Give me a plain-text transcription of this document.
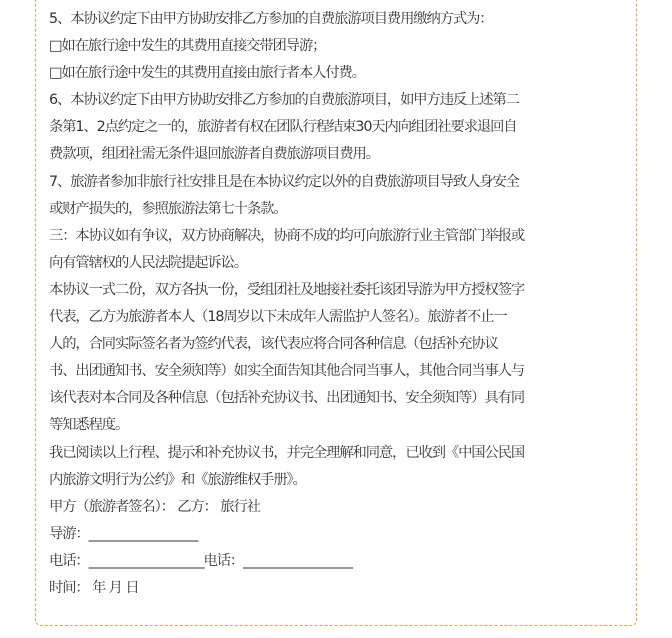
5、本协议约定下由甲方协助安排乙方参加的自费旅游项目费用缴纳方式为：
□如在旅行途中发生的其费用直接交带团导游；
□如在旅行途中发生的其费用直接由旅行者本人付费。
6、本协议约定下由甲方协助安排乙方参加的自费旅游项目，如甲方违反上述第二
条第1、2点约定之一的，旅游者有权在团队行程结束30天内向组团社要求退回自
费款项，组团社需无条件退回旅游者自费旅游项目费用。
7、旅游者参加非旅行社安排且是在本协议约定以外的自费旅游项目导致人身安全
或财产损失的，参照旅游法第七十条款。
三：本协议如有争议，双方协商解决，协商不成的均可向旅游行业主管部门举报或
向有管辖权的人民法院提起诉讼。
本协议一式二份，双方各执一份，受组团社及地接社委托该团导游为甲方授权签字
代表，乙方为旅游者本人（18周岁以下未成年人需监护人签名）。旅游者不止一
人的，合同实际签名者为签约代表，该代表应将合同各种信息（包括补充协议
书、出团通知书、安全须知等）如实全面告知其他合同当事人，其他合同当事人与
该代表对本合同及各种信息（包括补充协议书、出团通知书、安全须知等）具有同
等知悉程度。
我已阅读以上行程、提示和补充协议书，并完全理解和同意，已收到《中国公民国
内旅游文明行为公约》和《旅游维权手册》。
甲方（旅游者签名）： 乙方： 旅行社
导游：__________________
电话：___________________电话：__________________
时间： 年 月 日
